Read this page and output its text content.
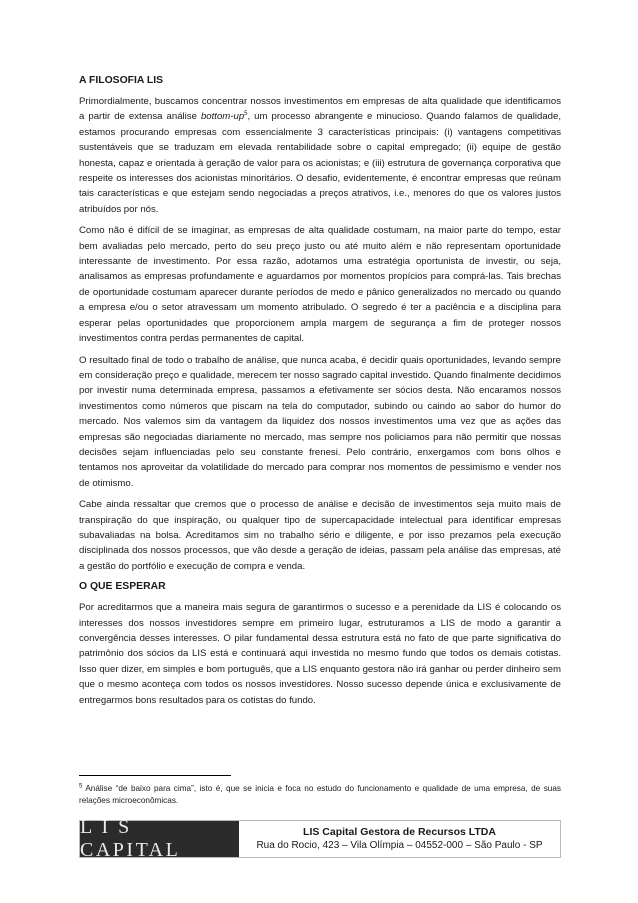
A FILOSOFIA LIS

Primordialmente, buscamos concentrar nossos investimentos em empresas de alta qualidade que identificamos a partir de extensa análise bottom-$up^5$, um processo abrangente e minucioso. Quando falamos de qualidade, estamos procurando empresas com essencialmente 3 características principais: (i) vantagens competitivas sustentáveis que se traduzam em elevada rentabilidade sobre o capital empregado; (ii) equipe de gestão honesta, capaz e orientada à geração de valor para os acionistas; e (iii) estrutura de governança corporativa que respeite os interesses dos acionistas minoritários. O desafio, evidentemente, é encontrar empresas que reúnam tais características e que estejam sendo negociadas a preços atrativos, i.e., menores do que os valores justos atribuídos por nós.

Como não é difícil de se imaginar, as empresas de alta qualidade costumam, na maior parte do tempo, estar bem avaliadas pelo mercado, perto do seu preço justo ou até muito além e não representam oportunidade interessante de investimento. Por essa razão, adotamos uma estratégia oportunista de investir, ou seja, analisamos as empresas profundamente e aguardamos por momentos propícios para comprá-las. Tais brechas de oportunidade costumam aparecer durante períodos de medo e pânico generalizados no mercado ou quando a empresa e/ou o setor atravessam um momento atribulado. O segredo é ter a paciência e a disciplina para esperar pelas oportunidades que proporcionem ampla margem de segurança a fim de proteger nossos investimentos contra perdas permanentes de capital.

O resultado final de todo o trabalho de análise, que nunca acaba, é decidir quais oportunidades, levando sempre em consideração preço e qualidade, merecem ter nosso sagrado capital investido. Quando finalmente decidimos por investir numa determinada empresa, passamos a efetivamente ser sócios desta. Não encaramos nossos investimentos como números que piscam na tela do computador, subindo ou caindo ao sabor do humor do mercado. Nos valemos sim da vantagem da liquidez dos nossos investimentos uma vez que as ações das empresas são negociadas diariamente no mercado, mas sempre nos policiamos para não permitir que nossas decisões sejam influenciadas pelo seu constante frenesi. Pelo contrário, enxergamos com bons olhos e tentamos nos aproveitar da volatilidade do mercado para comprar nos momentos de pessimismo e vender nos de otimismo.

Cabe ainda ressaltar que cremos que o processo de análise e decisão de investimentos seja muito mais de transpiração do que inspiração, ou qualquer tipo de supercapacidade intelectual para identificar empresas subavaliadas na bolsa. Acreditamos sim no trabalho sério e diligente, e por isso prezamos pela execução disciplinada dos nossos processos, que vão desde a geração de ideias, passam pela análise das empresas, até a gestão do portfólio e execução de compra e venda.

O QUE ESPERAR

Por acreditarmos que a maneira mais segura de garantirmos o sucesso e a perenidade da LIS é colocando os interesses dos nossos investidores sempre em primeiro lugar, estruturamos a LIS de modo a garantir a convergência desses interesses. O pilar fundamental dessa estrutura está no fato de que parte significativa do patrimônio dos sócios da LIS está e continuará aqui investida no mesmo fundo que todos os demais cotistas. Isso quer dizer, em simples e bom português, que a LIS enquanto gestora não irá ganhar ou perder dinheiro sem que o mesmo aconteça com todos os nossos investidores. Nosso sucesso depende única e exclusivamente de entregarmos bons resultados para os cotistas do fundo.

$^5$ Análise “de baixo para cima”, isto é, que se inicia e foca no estudo do funcionamento e qualidade de uma empresa, de suas relações microeconômicas.
L I S CAPITAL
LIS Capital Gestora de Recursos LTDA
Rua do Rocio, 423 – Vila Olímpia – 04552-000 – São Paulo - SP
